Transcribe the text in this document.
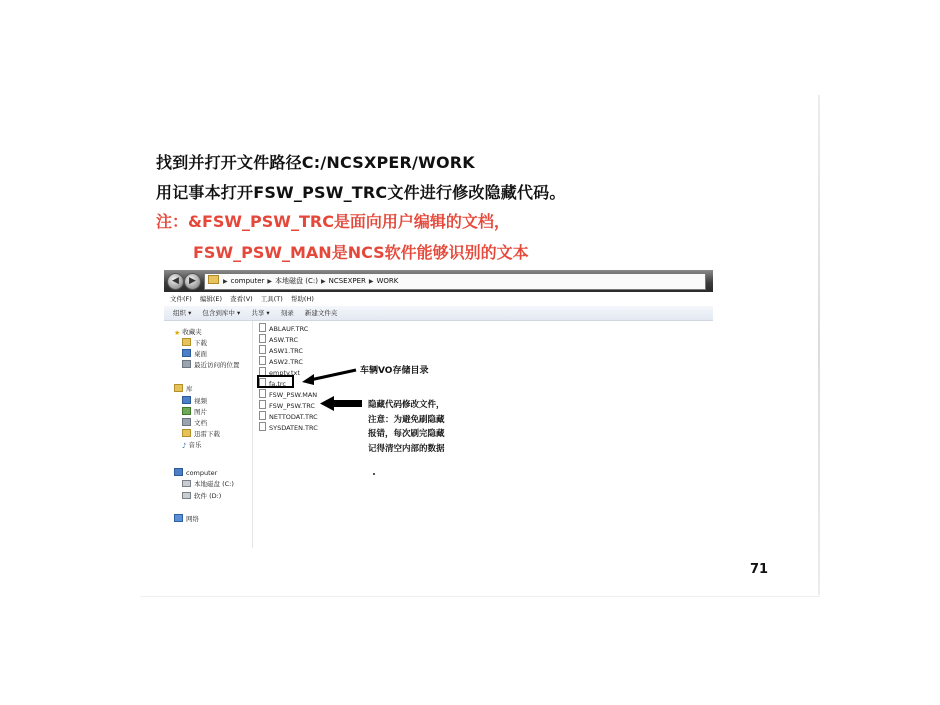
找到并打开文件路径C:/NCSXPER/WORK
用记事本打开FSW_PSW_TRC文件进行修改隐藏代码。
注：&FSW_PSW_TRC是面向用户编辑的文档，
FSW_PSW_MAN是NCS软件能够识别的文本
◀	▶	▶ computer ▶ 本地磁盘 (C:) ▶ NCSEXPER ▶ WORK
文件(F) 编辑(E) 查看(V) 工具(T) 帮助(H)
组织 ▾ 包含到库中 ▾ 共享 ▾ 刻录 新建文件夹
★ 收藏夹
下载
桌面
最近访问的位置
库
视频
图片
文档
迅雷下载
♪ 音乐
computer
本地磁盘 (C:)
软件 (D:)
网络
ABLAUF.TRC
ASW.TRC
ASW1.TRC
ASW2.TRC
empty.txt
fa.trc
FSW_PSW.MAN
FSW_PSW.TRC
NETTODAT.TRC
SYSDATEN.TRC
车辆VO存储目录
隐藏代码修改文件，
注意：为避免刷隐藏
报错，每次刷完隐藏
记得清空内部的数据
71
